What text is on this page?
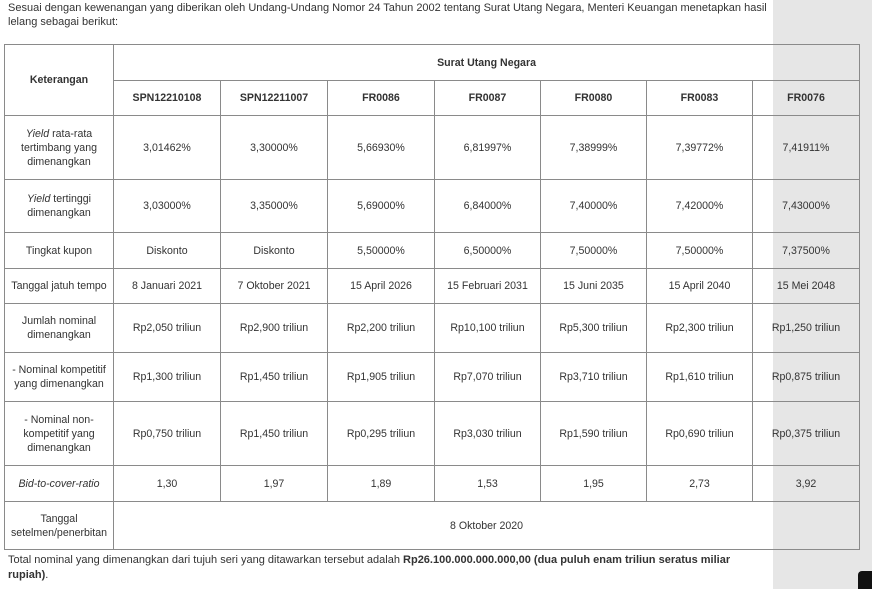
Sesuai dengan kewenangan yang diberikan oleh Undang-Undang Nomor 24 Tahun 2002 tentang Surat Utang Negara, Menteri Keuangan menetapkan hasil lelang sebagai berikut:
Keterangan	Surat Utang Negara						
	SPN12210108	SPN12211007	FR0086	FR0087	FR0080	FR0083	FR0076
Yield rata-rata tertimbang yang dimenangkan	3,01462%	3,30000%	5,66930%	6,81997%	7,38999%	7,39772%	7,41911%
Yield tertinggi dimenangkan	3,03000%	3,35000%	5,69000%	6,84000%	7,40000%	7,42000%	7,43000%
Tingkat kupon	Diskonto	Diskonto	5,50000%	6,50000%	7,50000%	7,50000%	7,37500%
Tanggal jatuh tempo	8 Januari 2021	7 Oktober 2021	15 April 2026	15 Februari 2031	15 Juni 2035	15 April 2040	15 Mei 2048
Jumlah nominal dimenangkan	Rp2,050 triliun	Rp2,900 triliun	Rp2,200 triliun	Rp10,100 triliun	Rp5,300 triliun	Rp2,300 triliun	Rp1,250 triliun
- Nominal kompetitif yang dimenangkan	Rp1,300 triliun	Rp1,450 triliun	Rp1,905 triliun	Rp7,070 triliun	Rp3,710 triliun	Rp1,610 triliun	Rp0,875 triliun
- Nominal non-kompetitif yang dimenangkan	Rp0,750 triliun	Rp1,450 triliun	Rp0,295 triliun	Rp3,030 triliun	Rp1,590 triliun	Rp0,690 triliun	Rp0,375 triliun
Bid-to-cover-ratio	1,30	1,97	1,89	1,53	1,95	2,73	3,92
Tanggal setelmen/penerbitan	8 Oktober 2020						
Total nominal yang dimenangkan dari tujuh seri yang ditawarkan tersebut adalah Rp26.100.000.000.000,00 (dua puluh enam triliun seratus miliar rupiah).
